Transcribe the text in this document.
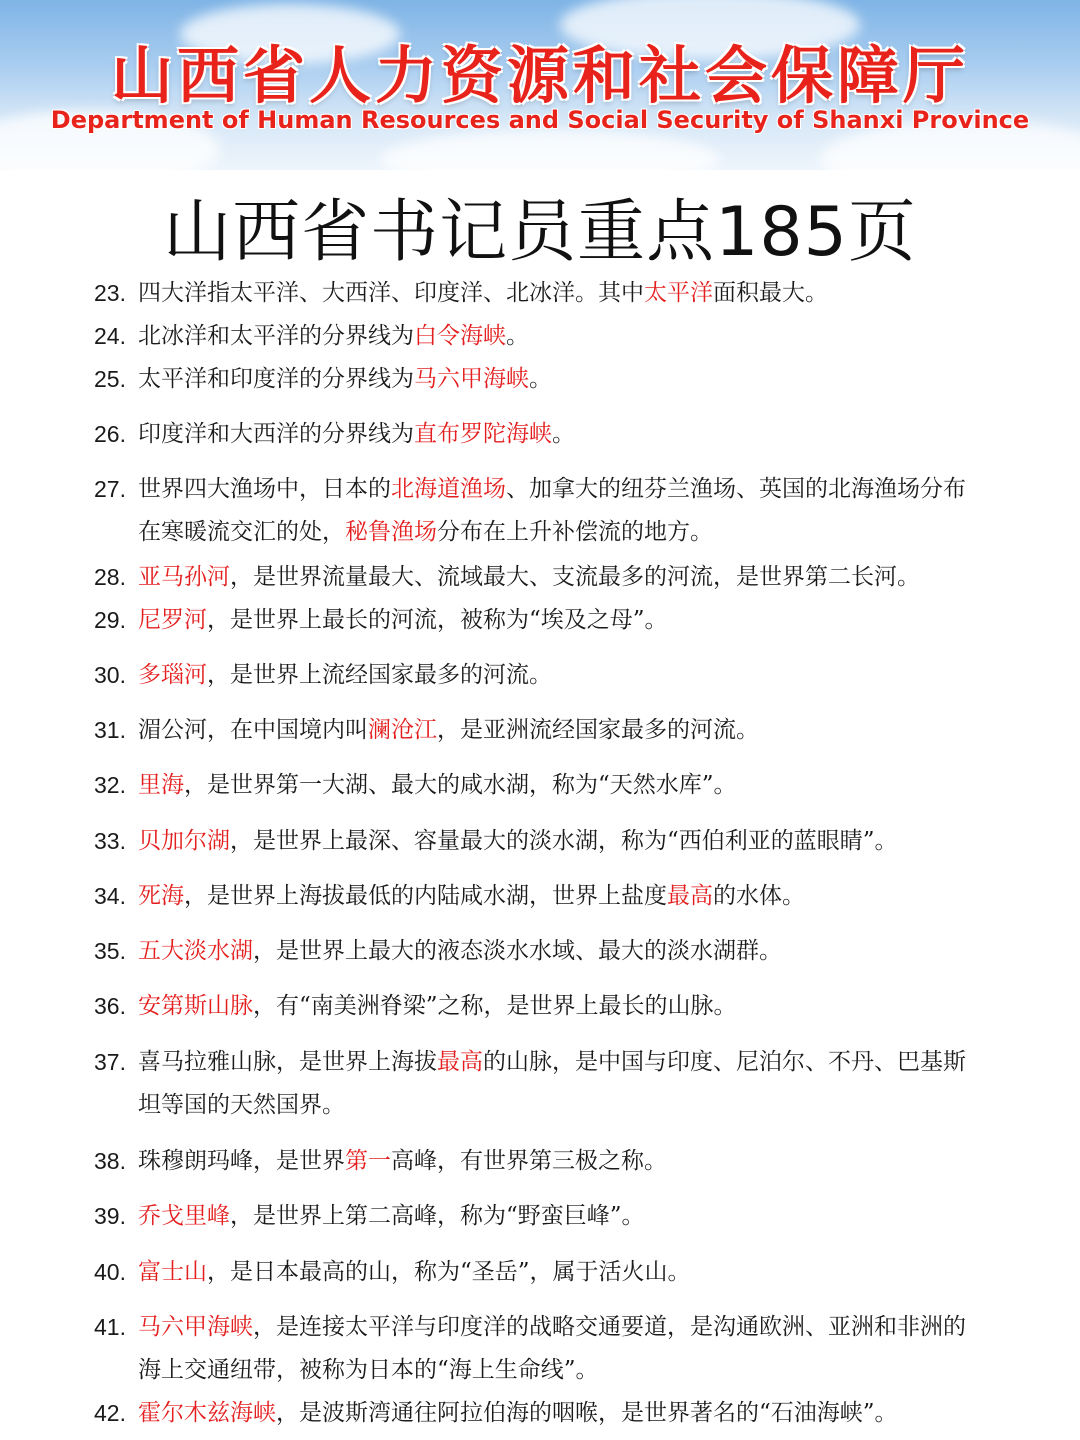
山西省人力资源和社会保障厅
Department of Human Resources and Social Security of Shanxi Province
山西省书记员重点185页
23. 四大洋指太平洋、大西洋、印度洋、北冰洋。其中太平洋面积最大。
24. 北冰洋和太平洋的分界线为白令海峡。
25. 太平洋和印度洋的分界线为马六甲海峡。
26. 印度洋和大西洋的分界线为直布罗陀海峡。
27. 世界四大渔场中，日本的北海道渔场、加拿大的纽芬兰渔场、英国的北海渔场分布在寒暖流交汇的处，秘鲁渔场分布在上升补偿流的地方。
28. 亚马孙河，是世界流量最大、流域最大、支流最多的河流，是世界第二长河。
29. 尼罗河，是世界上最长的河流，被称为“埃及之母”。
30. 多瑙河，是世界上流经国家最多的河流。
31. 湄公河，在中国境内叫澜沧江，是亚洲流经国家最多的河流。
32. 里海，是世界第一大湖、最大的咸水湖，称为“天然水库”。
33. 贝加尔湖，是世界上最深、容量最大的淡水湖，称为“西伯利亚的蓝眼睛”。
34. 死海，是世界上海拔最低的内陆咸水湖，世界上盐度最高的水体。
35. 五大淡水湖，是世界上最大的液态淡水水域、最大的淡水湖群。
36. 安第斯山脉，有“南美洲脊梁”之称，是世界上最长的山脉。
37. 喜马拉雅山脉，是世界上海拔最高的山脉，是中国与印度、尼泊尔、不丹、巴基斯坦等国的天然国界。
38. 珠穆朗玛峰，是世界第一高峰，有世界第三极之称。
39. 乔戈里峰，是世界上第二高峰，称为“野蛮巨峰”。
40. 富士山，是日本最高的山，称为“圣岳”，属于活火山。
41. 马六甲海峡，是连接太平洋与印度洋的战略交通要道，是沟通欧洲、亚洲和非洲的海上交通纽带，被称为日本的“海上生命线”。
42. 霍尔木兹海峡，是波斯湾通往阿拉伯海的咽喉，是世界著名的“石油海峡”。
